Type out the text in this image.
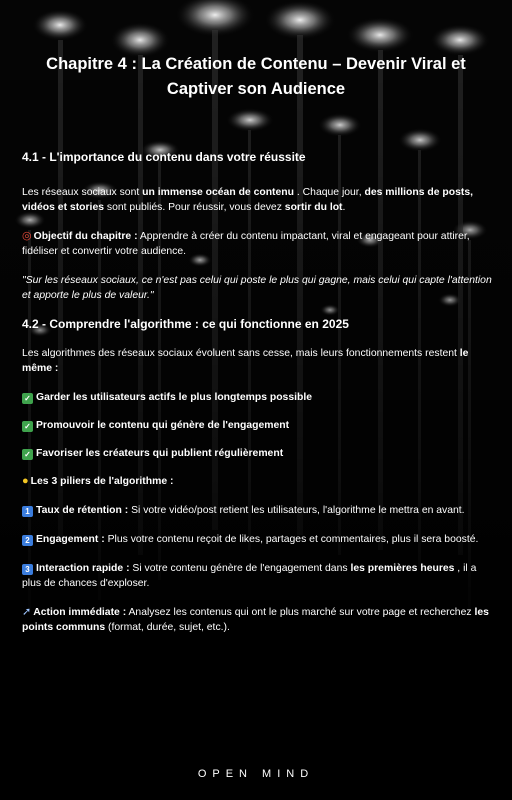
Chapitre 4 : La Création de Contenu – Devenir Viral et Captiver son Audience
4.1 - L'importance du contenu dans votre réussite

Les réseaux sociaux sont un immense océan de contenu . Chaque jour, des millions de posts, vidéos et stories sont publiés. Pour réussir, vous devez sortir du lot.

◎ Objectif du chapitre : Apprendre à créer du contenu impactant, viral et engageant pour attirer, fidéliser et convertir votre audience.

"Sur les réseaux sociaux, ce n'est pas celui qui poste le plus qui gagne, mais celui qui capte l'attention et apporte le plus de valeur."

4.2 - Comprendre l'algorithme : ce qui fonctionne en 2025

Les algorithmes des réseaux sociaux évoluent sans cesse, mais leurs fonctionnements restent le même :

✓ Garder les utilisateurs actifs le plus longtemps possible

✓ Promouvoir le contenu qui génère de l'engagement

✓ Favoriser les créateurs qui publient régulièrement

● Les 3 piliers de l'algorithme :

1 Taux de rétention : Si votre vidéo/post retient les utilisateurs, l'algorithme le mettra en avant.

2 Engagement : Plus votre contenu reçoit de likes, partages et commentaires, plus il sera boosté.

3 Interaction rapide : Si votre contenu génère de l'engagement dans les premières heures , il a plus de chances d'exploser.

➚ Action immédiate : Analysez les contenus qui ont le plus marché sur votre page et recherchez les points communs (format, durée, sujet, etc.).

OPEN MIND
